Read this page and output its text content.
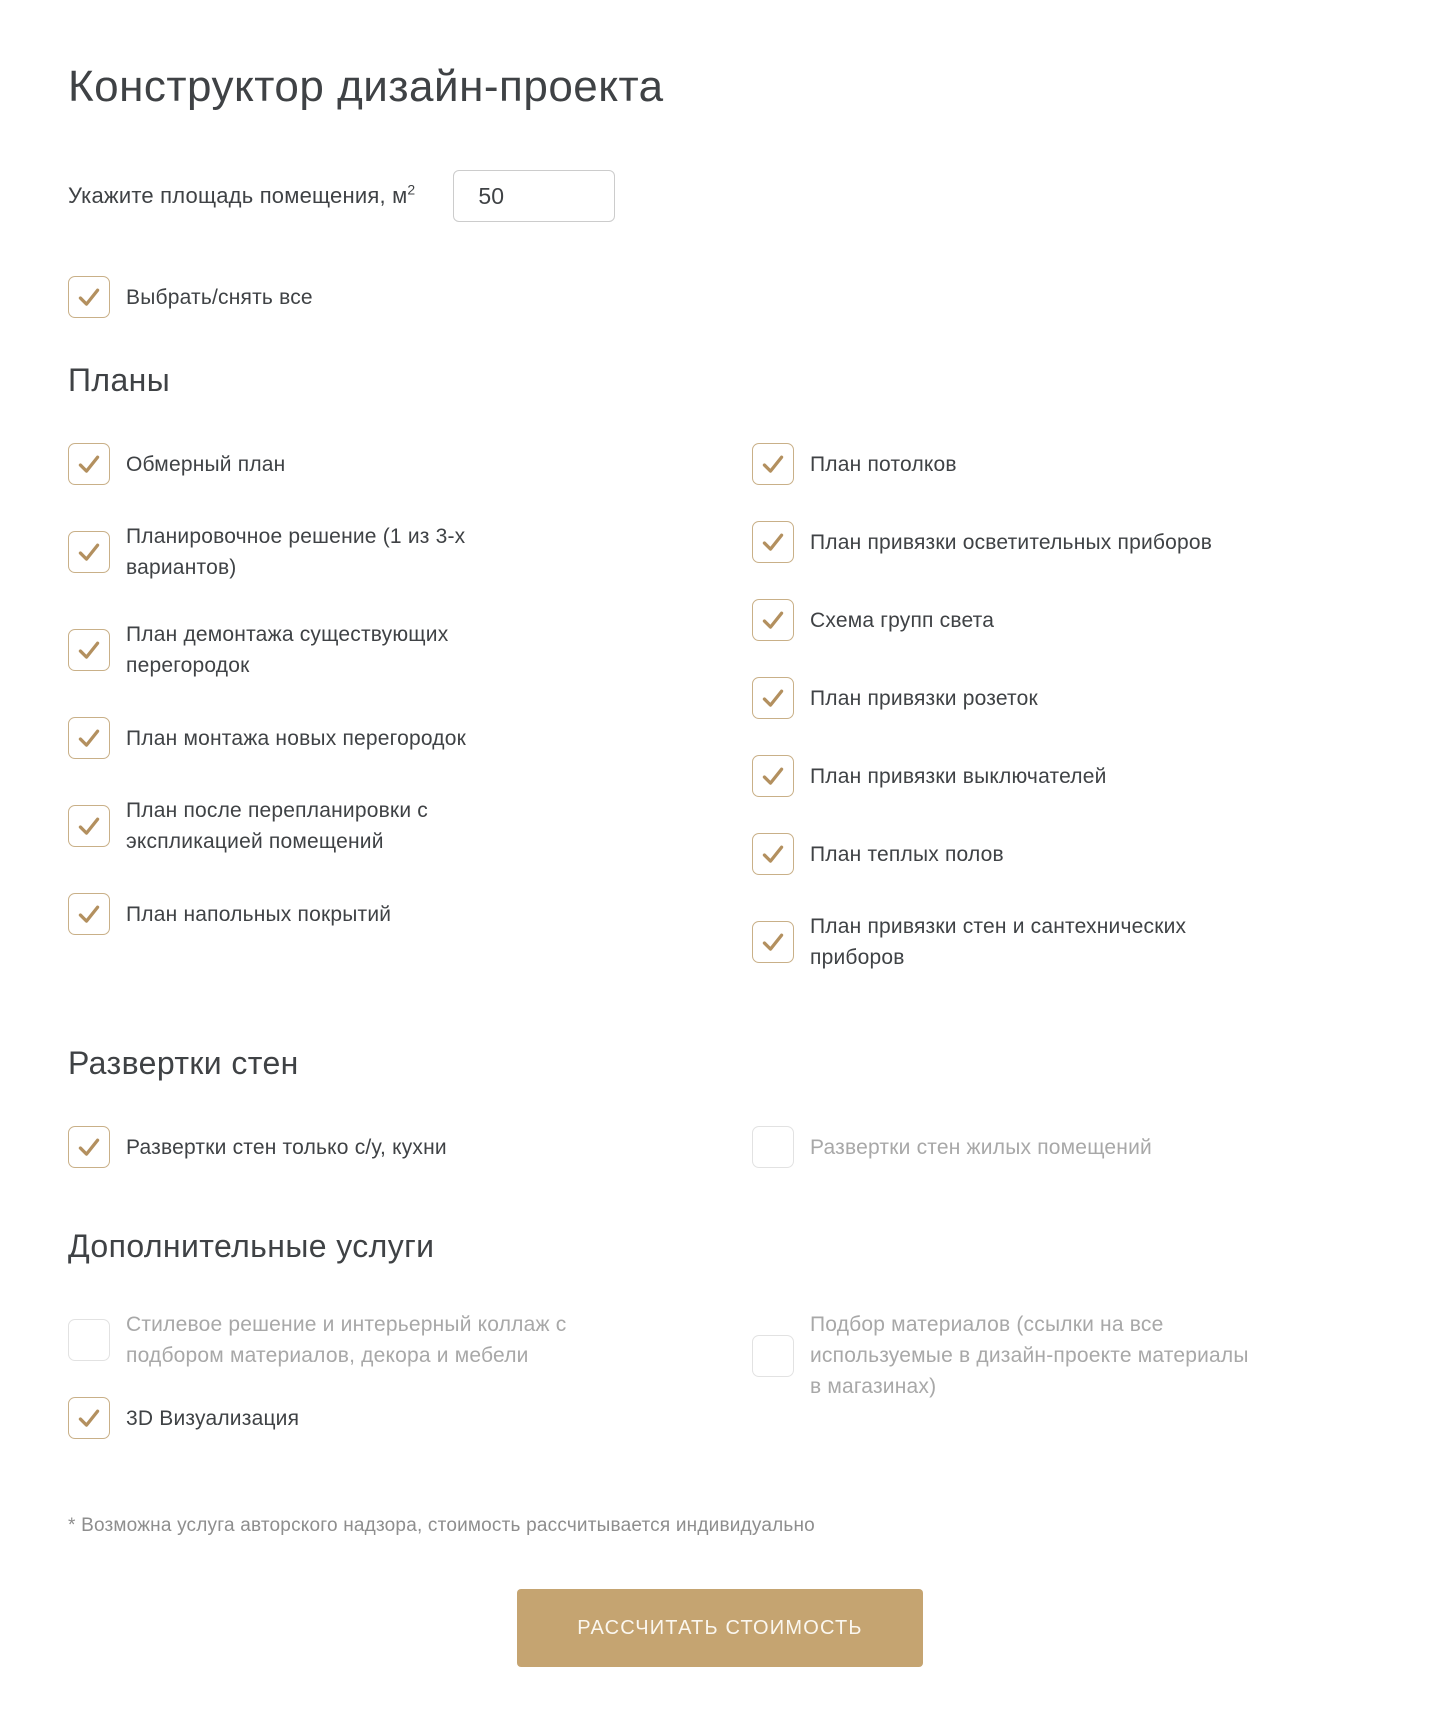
Конструктор дизайн-проекта
Укажите площадь помещения, $м^2$
50
Выбрать/снять все
Планы
Обмерный план
Планировочное решение (1 из 3-х вариантов)
План демонтажа существующих перегородок
План монтажа новых перегородок
План после перепланировки с экспликацией помещений
План напольных покрытий
План потолков
План привязки осветительных приборов
Схема групп света
План привязки розеток
План привязки выключателей
План теплых полов
План привязки стен и сантехнических приборов
Развертки стен
Развертки стен только с/у, кухни	Развертки стен жилых помещений
Дополнительные услуги
Стилевое решение и интерьерный коллаж с подбором материалов, декора и мебели
3D Визуализация
Подбор материалов (ссылки на все используемые в дизайн-проекте материалы в магазинах)
* Возможна услуга авторского надзора, стоимость рассчитывается индивидуально
РАССЧИТАТЬ СТОИМОСТЬ
